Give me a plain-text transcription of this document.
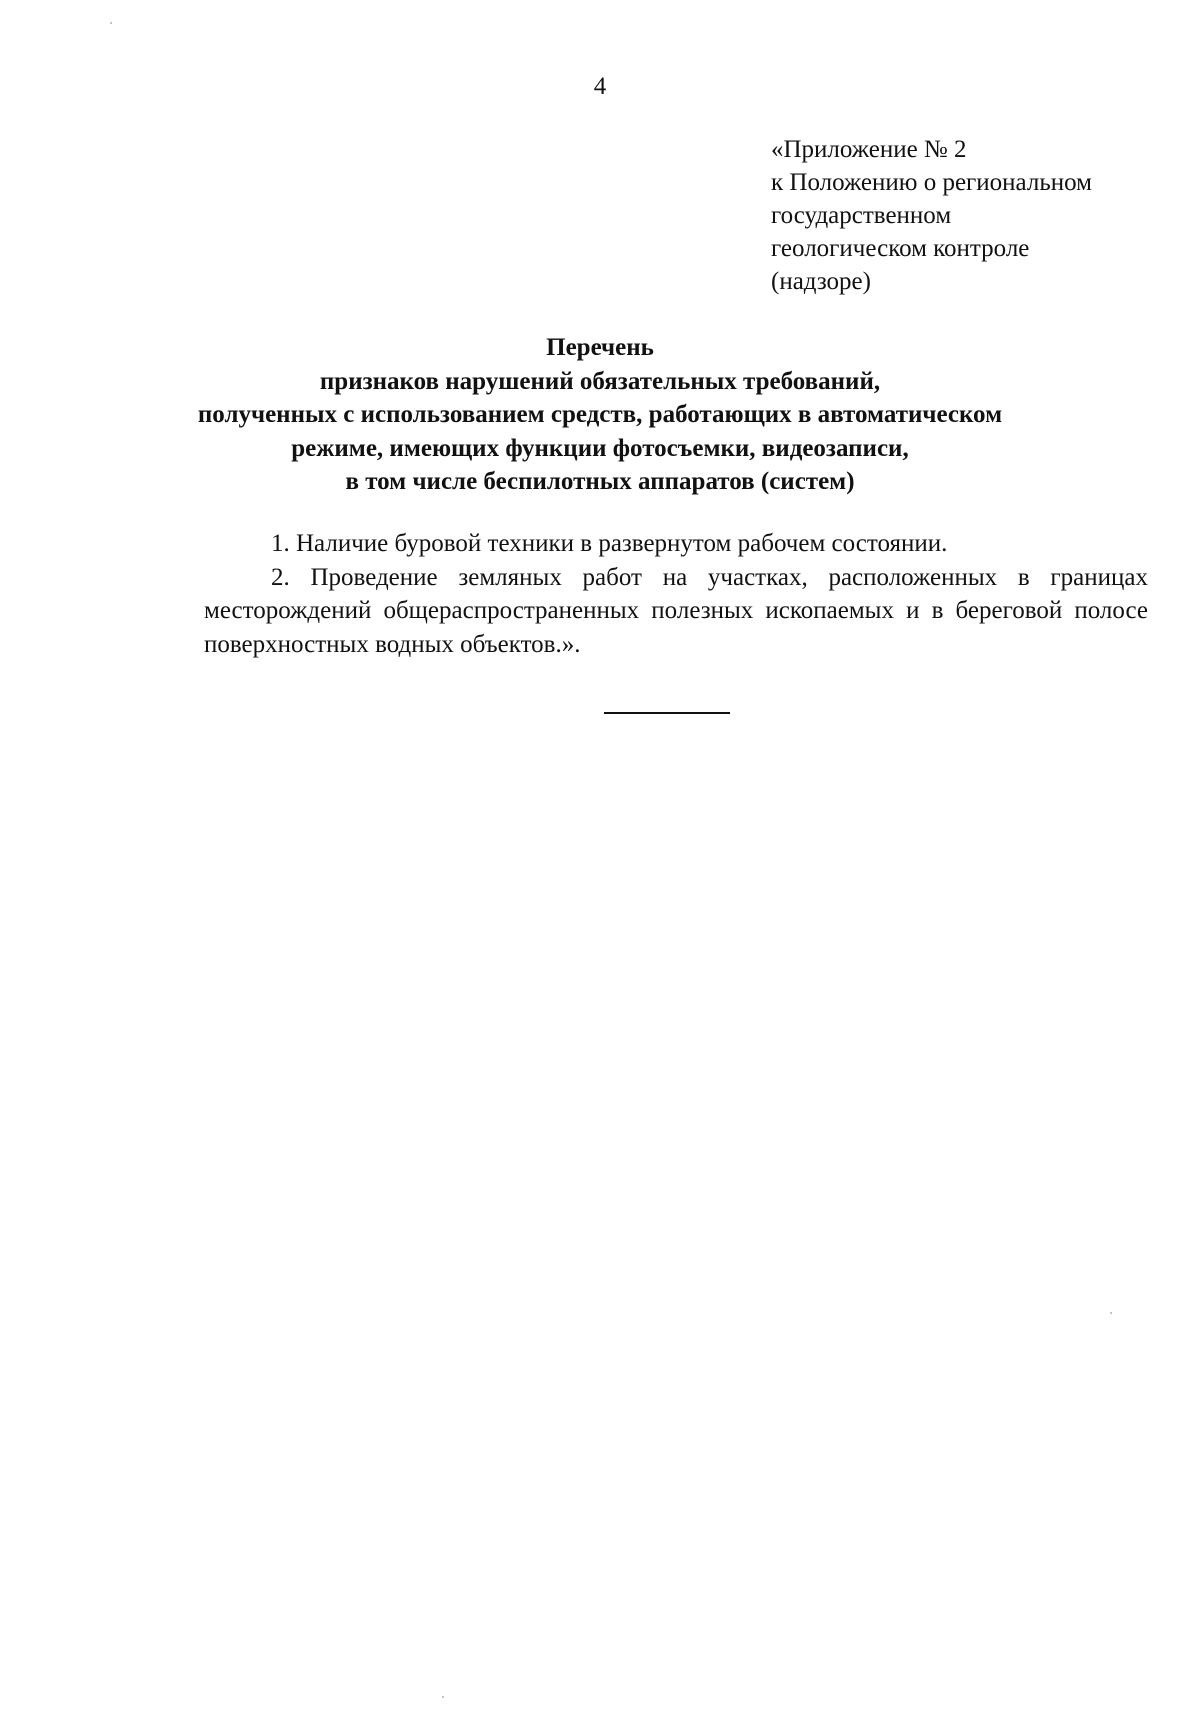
4
«Приложение № 2
к Положению о региональном
государственном
геологическом контроле
(надзоре)
Перечень
признаков нарушений обязательных требований,
полученных с использованием средств, работающих в автоматическом
режиме, имеющих функции фотосъемки, видеозаписи,
в том числе беспилотных аппаратов (систем)

1. Наличие буровой техники в развернутом рабочем состоянии.

2. Проведение земляных работ на участках, расположенных в границах месторождений общераспространенных полезных ископаемых и в береговой полосе поверхностных водных объектов.».
